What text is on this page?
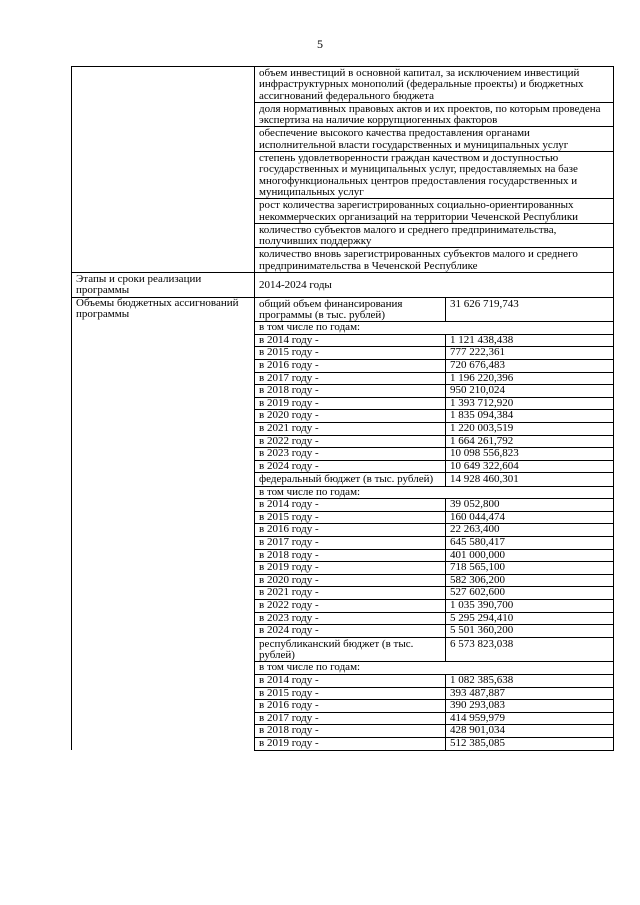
5
	объем инвестиций в основной капитал, за исключением инвестиций инфраструктурных монополий (федеральные проекты) и бюджетных ассигнований федерального бюджета	
	доля нормативных правовых актов и их проектов, по которым проведена экспертиза на наличие коррупциогенных факторов	
	обеспечение высокого качества предоставления органами исполнительной власти государственных и муниципальных услуг	
	степень удовлетворенности граждан качеством и доступностью государственных и муниципальных услуг, предоставляемых на базе многофункциональных центров предоставления государственных и муниципальных услуг	
	рост количества зарегистрированных социально-ориентированных некоммерческих организаций на территории Чеченской Республики	
	количество субъектов малого и среднего предпринимательства, получивших поддержку	
	количество вновь зарегистрированных субъектов малого и среднего предпринимательства в Чеченской Республике	
Этапы и сроки реализации программы	2014-2024 годы	
Объемы бюджетных ассигнований программы	общий объем финансирования программы (в тыс. рублей)	31 626 719,743
	в том числе по годам:	
	в 2014 году -	1 121 438,438
	в 2015 году -	777 222,361
	в 2016 году -	720 676,483
	в 2017 году -	1 196 220,396
	в 2018 году -	950 210,024
	в 2019 году -	1 393 712,920
	в 2020 году -	1 835 094,384
	в 2021 году -	1 220 003,519
	в 2022 году -	1 664 261,792
	в 2023 году -	10 098 556,823
	в 2024 году -	10 649 322,604
	федеральный бюджет (в тыс. рублей)	14 928 460,301
	в том числе по годам:	
	в 2014 году -	39 052,800
	в 2015 году -	160 044,474
	в 2016 году -	22 263,400
	в 2017 году -	645 580,417
	в 2018 году -	401 000,000
	в 2019 году -	718 565,100
	в 2020 году -	582 306,200
	в 2021 году -	527 602,600
	в 2022 году -	1 035 390,700
	в 2023 году -	5 295 294,410
	в 2024 году -	5 501 360,200
	республиканский бюджет (в тыс. рублей)	6 573 823,038
	в том числе по годам:	
	в 2014 году -	1 082 385,638
	в 2015 году -	393 487,887
	в 2016 году -	390 293,083
	в 2017 году -	414 959,979
	в 2018 году -	428 901,034
	в 2019 году -	512 385,085
